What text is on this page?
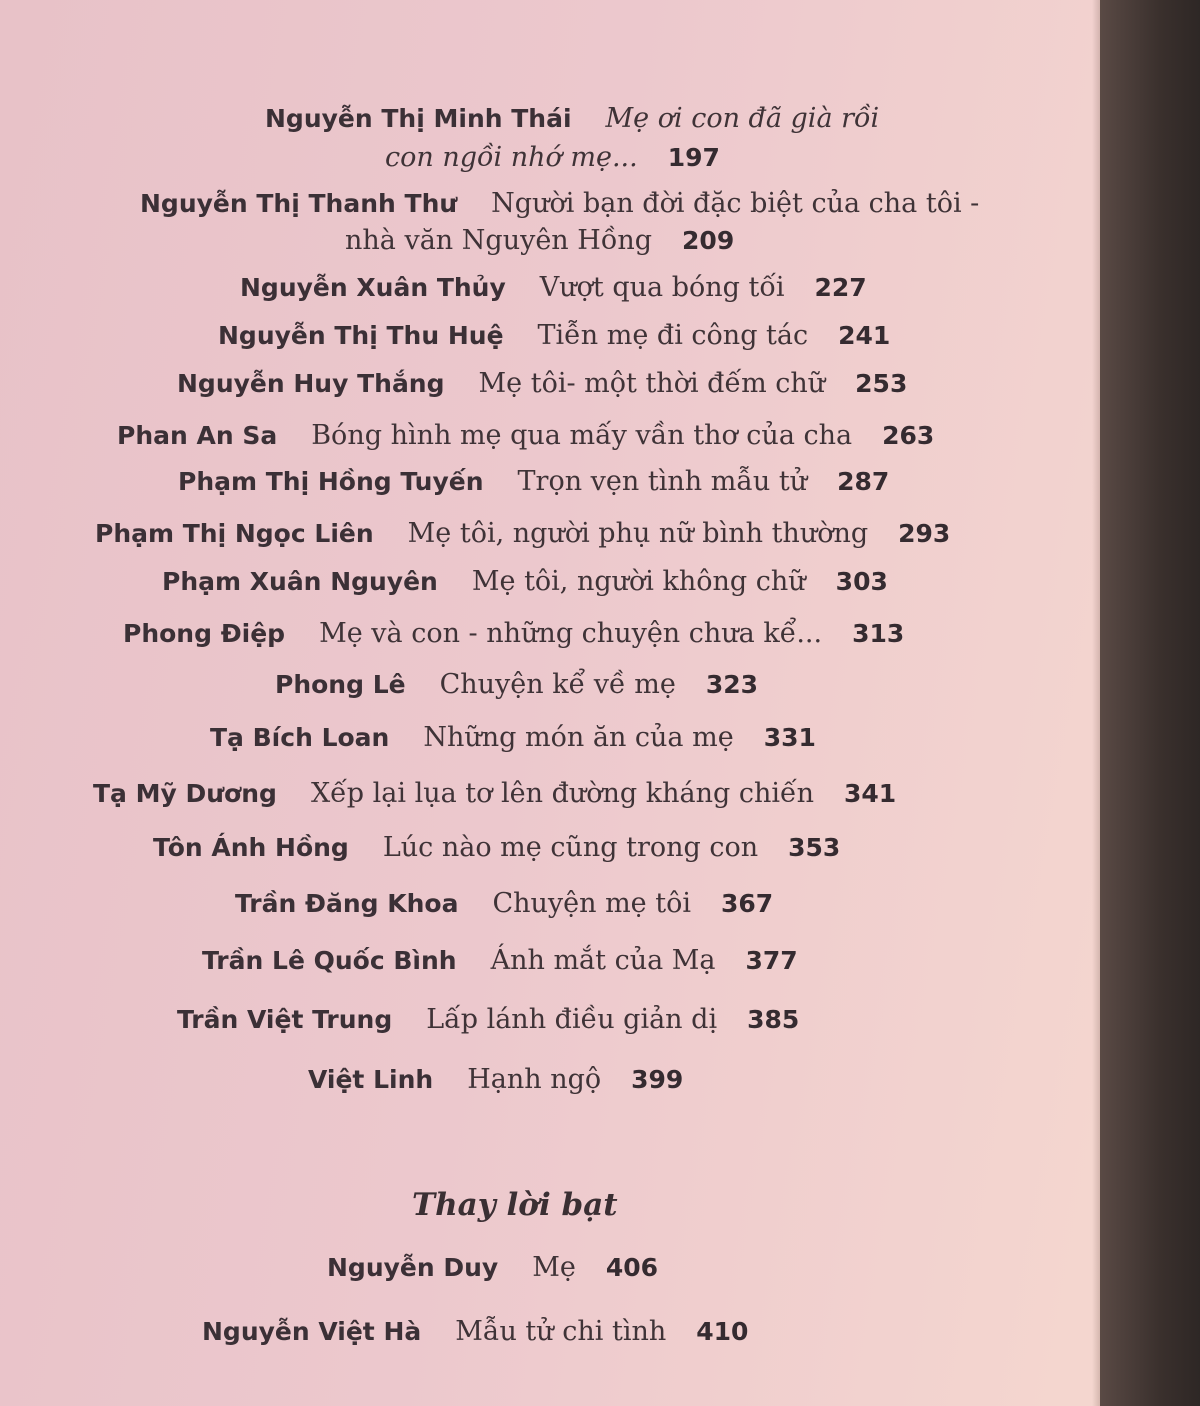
Nguyễn Thị Minh Thái Mẹ ơi con đã già rồi
con ngồi nhớ mẹ... 197
Nguyễn Thị Thanh Thư Người bạn đời đặc biệt của cha tôi -
nhà văn Nguyên Hồng 209
Nguyễn Xuân Thủy Vượt qua bóng tối 227
Nguyễn Thị Thu Huệ Tiễn mẹ đi công tác 241
Nguyễn Huy Thắng Mẹ tôi- một thời đếm chữ 253
Phan An Sa Bóng hình mẹ qua mấy vần thơ của cha 263
Phạm Thị Hồng Tuyến Trọn vẹn tình mẫu tử 287
Phạm Thị Ngọc Liên Mẹ tôi, người phụ nữ bình thường 293
Phạm Xuân Nguyên Mẹ tôi, người không chữ 303
Phong Điệp Mẹ và con - những chuyện chưa kể... 313
Phong Lê Chuyện kể về mẹ 323
Tạ Bích Loan Những món ăn của mẹ 331
Tạ Mỹ Dương Xếp lại lụa tơ lên đường kháng chiến 341
Tôn Ánh Hồng Lúc nào mẹ cũng trong con 353
Trần Đăng Khoa Chuyện mẹ tôi 367
Trần Lê Quốc Bình Ánh mắt của Mạ 377
Trần Việt Trung Lấp lánh điều giản dị 385
Việt Linh Hạnh ngộ 399
Thay lời bạt
Nguyễn Duy Mẹ 406
Nguyễn Việt Hà Mẫu tử chi tình 410
